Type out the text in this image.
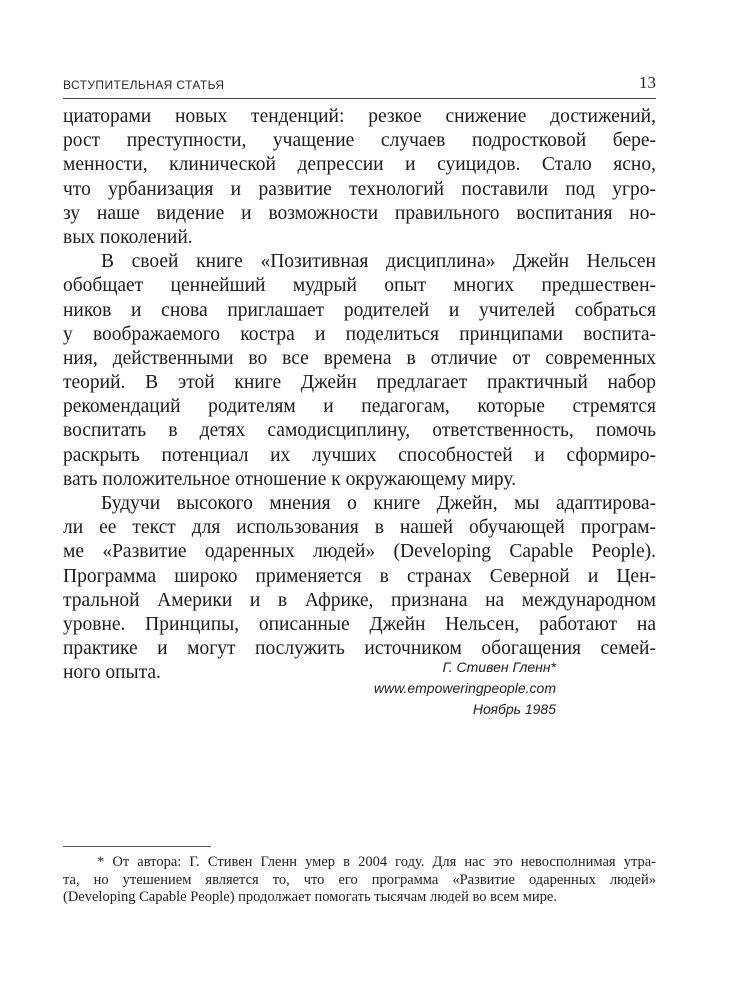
ВСТУПИТЕЛЬНАЯ СТАТЬЯ	13
циаторами новых тенденций: резкое снижение достижений,
рост преступности, учащение случаев подростковой бере-
менности, клинической депрессии и суицидов. Стало ясно,
что урбанизация и развитие технологий поставили под угро-
зу наше видение и возможности правильного воспитания но-
вых поколений.
В своей книге «Позитивная дисциплина» Джейн Нельсен
обобщает ценнейший мудрый опыт многих предшествен-
ников и снова приглашает родителей и учителей собраться
у воображаемого костра и поделиться принципами воспита-
ния, действенными во все времена в отличие от современных
теорий. В этой книге Джейн предлагает практичный набор
рекомендаций родителям и педагогам, которые стремятся
воспитать в детях самодисциплину, ответственность, помочь
раскрыть потенциал их лучших способностей и сформиро-
вать положительное отношение к окружающему миру.
Будучи высокого мнения о книге Джейн, мы адаптирова-
ли ее текст для использования в нашей обучающей програм-
ме «Развитие одаренных людей» (Developing Capable People).
Программа широко применяется в странах Северной и Цен-
тральной Америки и в Африке, признана на международном
уровне. Принципы, описанные Джейн Нельсен, работают на
практике и могут послужить источником обогащения семей-
ного опыта.	Г. Стивен Гленн*
www.empoweringpeople.com
Ноябрь 1985
* От автора: Г. Стивен Гленн умер в 2004 году. Для нас это невосполнимая утра-
та, но утешением является то, что его программа «Развитие одаренных людей»
(Developing Capable People) продолжает помогать тысячам людей во всем мире.
